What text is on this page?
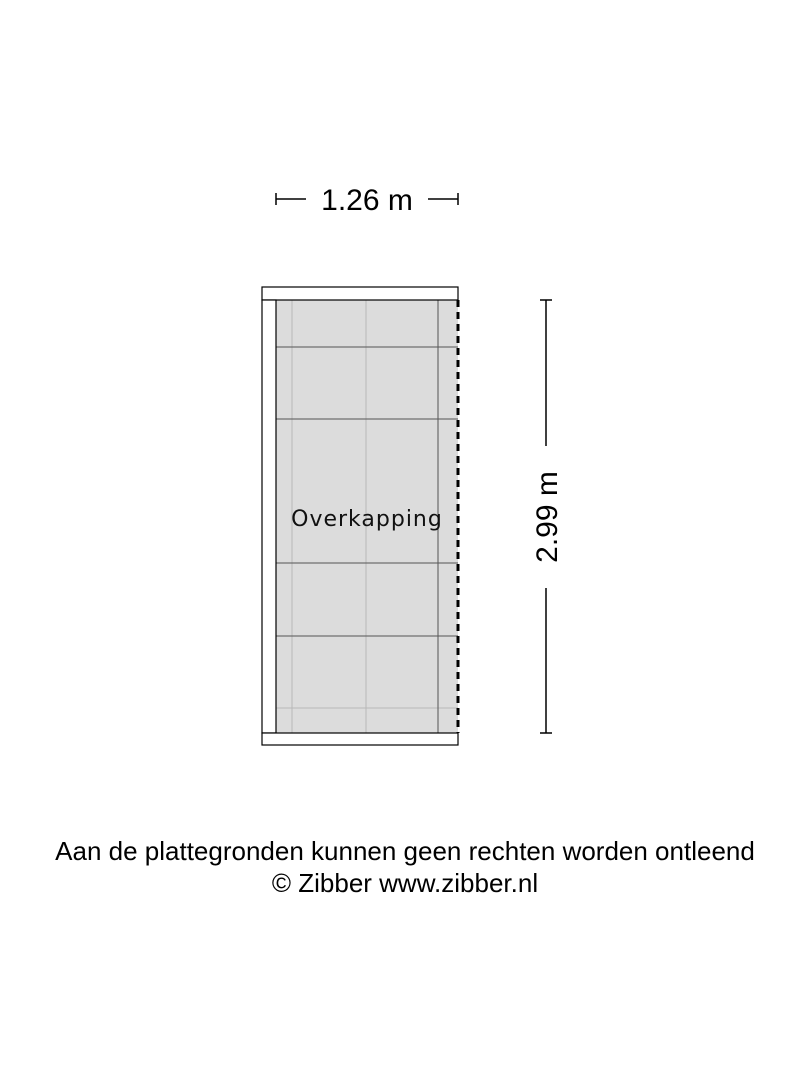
1.26 m
Overkapping	2.99 m
Aan de plattegronden kunnen geen rechten worden ontleend
© Zibber www.zibber.nl
